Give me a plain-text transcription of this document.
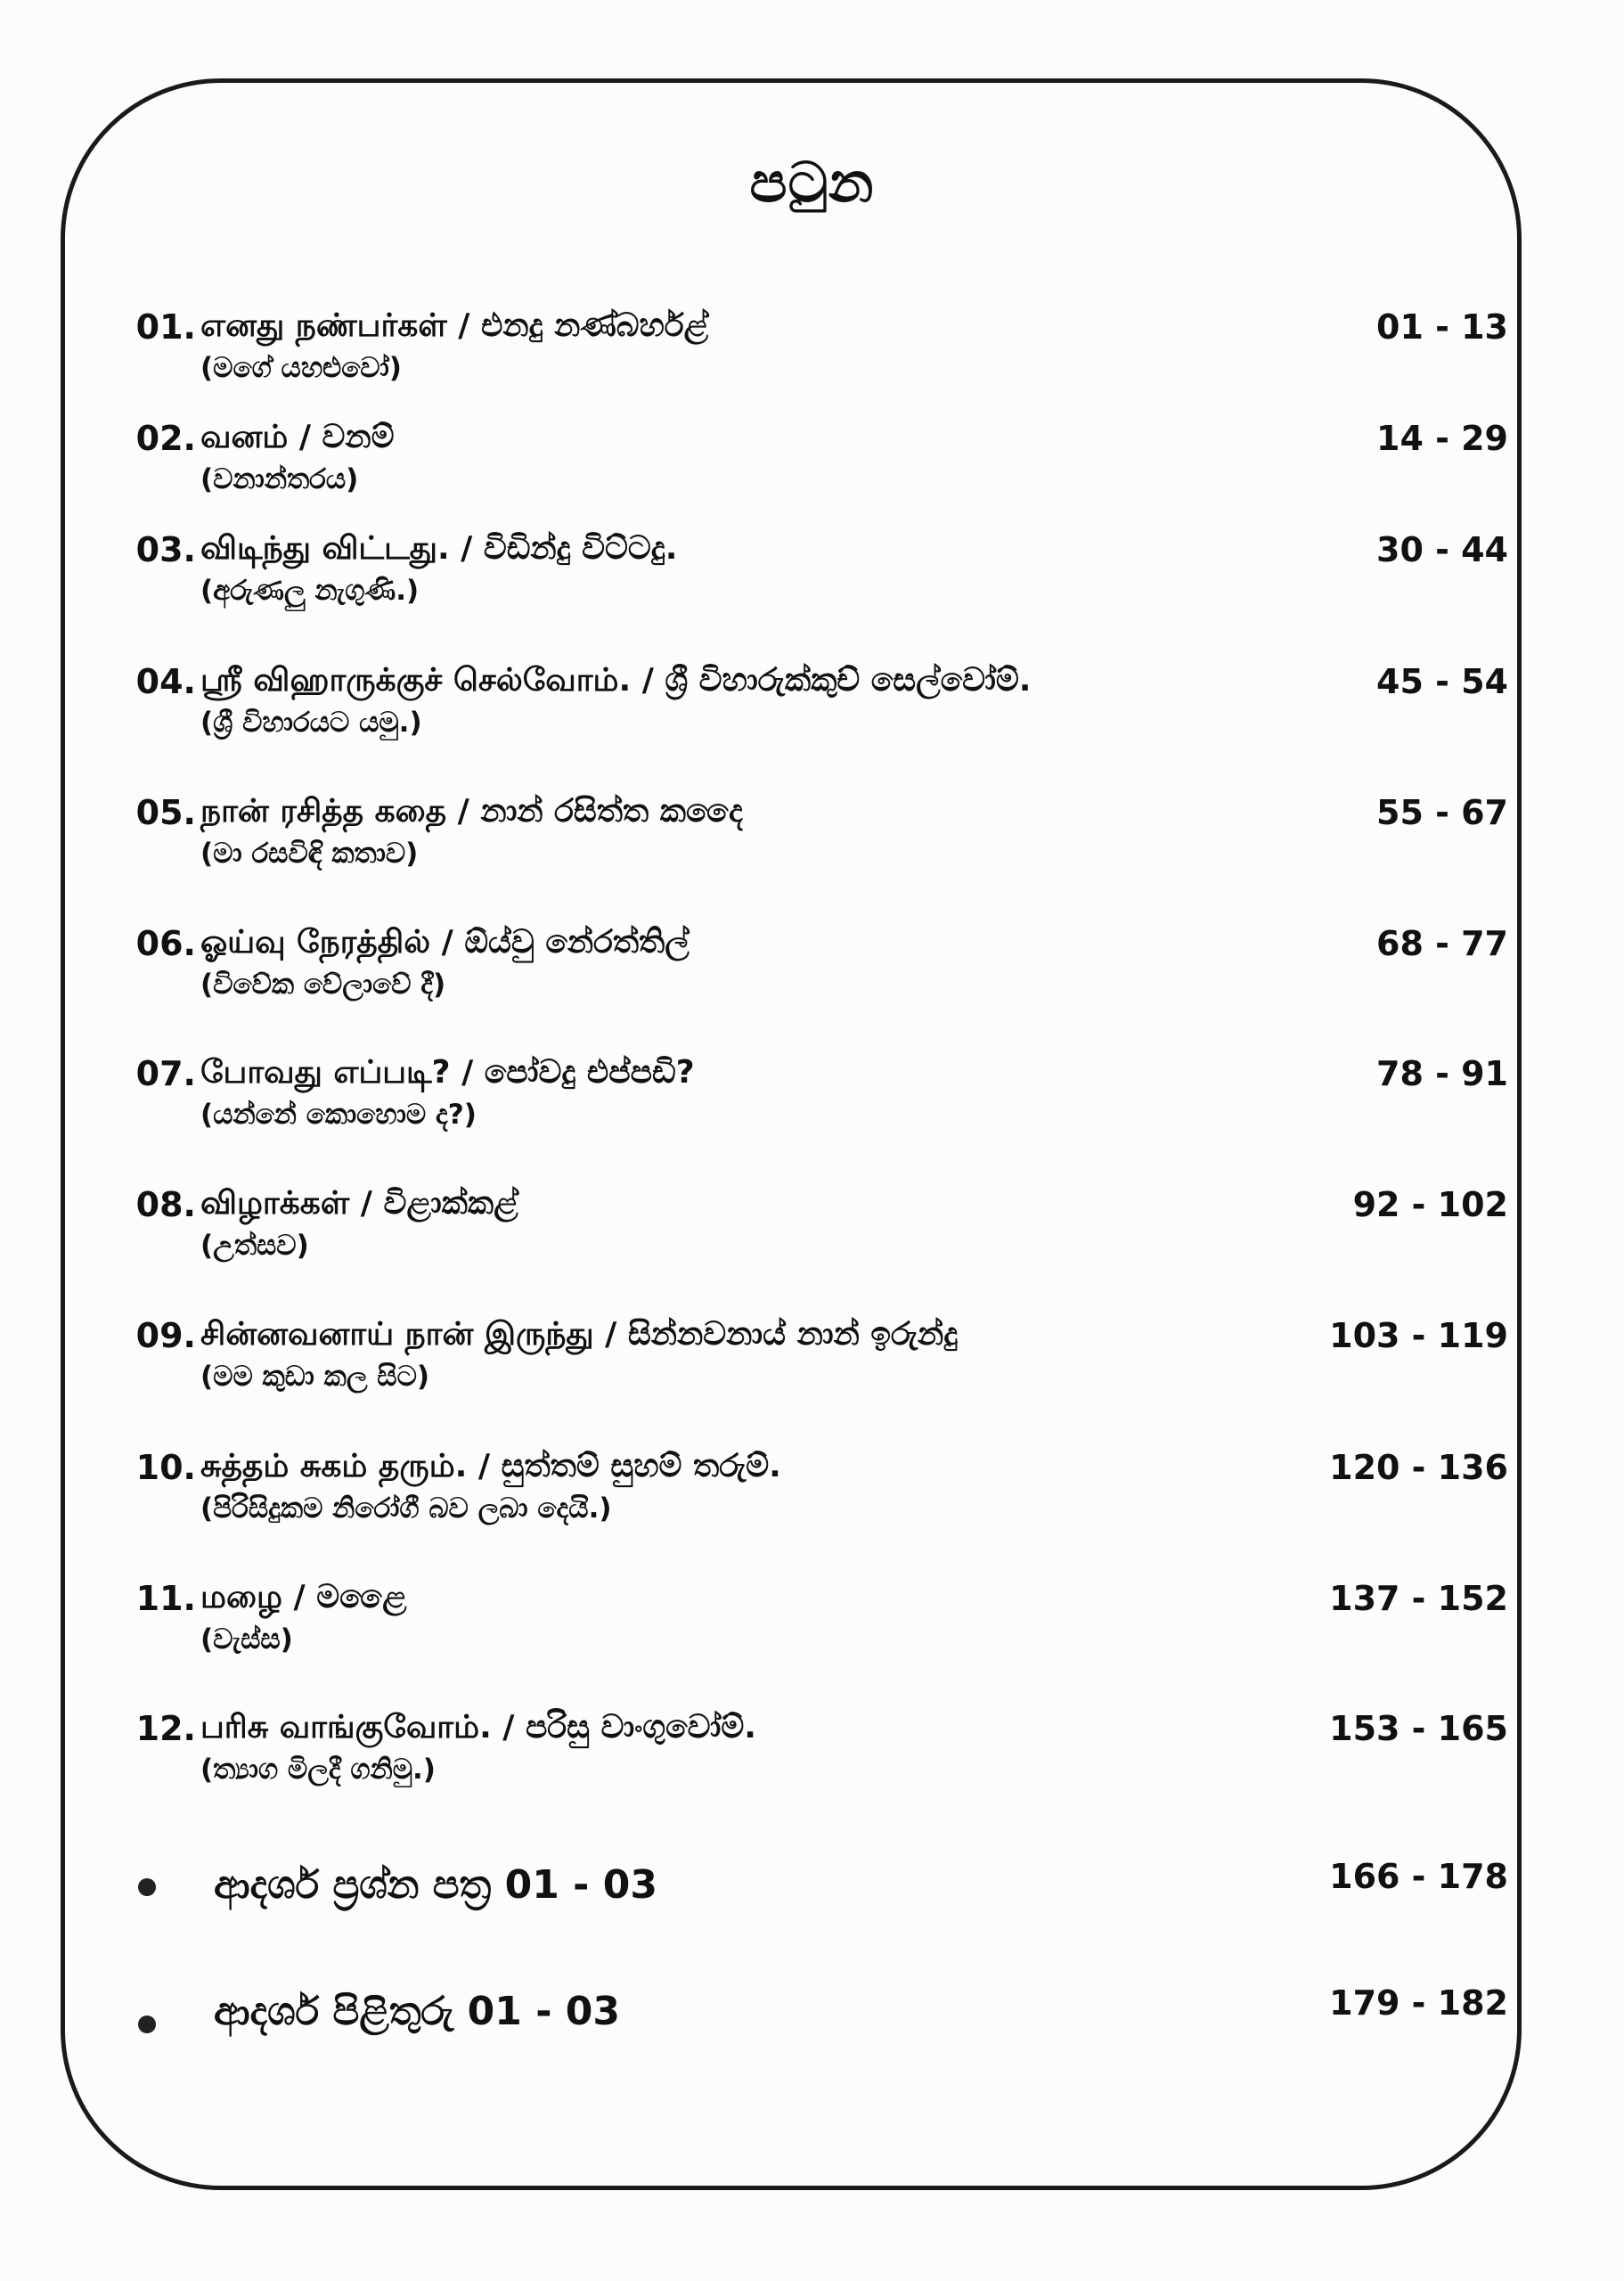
පටුන
01. எனது நண்பர்கள் / එනදු නණ්බර්හළ්
(මගේ යහළුවෝ)
01 - 13
02. வனம் / වනම්
(වනාන්තරය)
14 - 29
03. விடிந்து விட்டது. / විඩින්දු විට්ටදු.
(අරුණලු නැගුණි.)
30 - 44
04. ஸ்ரீ விஹாருக்குச் செல்வோம். / ශ්‍රී විහාරුක්කුච් සෙල්වෝම්.
(ශ්‍රී විහාරයට යමු.)
45 - 54
05. நான் ரசித்த கதை / නාන් රසිත්ත කදෛ
(මා රසවිඳි කතාව)
55 - 67
06. ஓய்வு நேரத்தில் / ඕය්වු නේරත්තිල්
(විවේක වේලාවේ දී)
68 - 77
07. போவது எப்படி? / පෝවදු එප්පඩි?
(යන්නේ කොහොම ද?)
78 - 91
08. விழாக்கள் / විළාක්කළ්
(උත්සව)
92 - 102
09. சின்னவனாய் நான் இருந்து / සින්නවනාය් නාන් ඉරුන්දු
(මම කුඩා කල සිට)
103 - 119
10. சுத்தம் சுகம் தரும். / සුත්තම් සුහම් තරුම්.
(පිරිසිදුකම නිරෝගී බව ලබා දෙයි.)
120 - 136
11. மழை / මළෛ
(වැස්ස)
137 - 152
12. பரிசு வாங்குவோம். / පරිසු වාංගුවෝම්.
(ත්‍යාග මිලදී ගනිමු.)
153 - 165
ආදර්ශ ප්‍රශ්න පත්‍ර 01 - 03	166 - 178
ආදර්ශ පිළිතුරු 01 - 03	179 - 182
